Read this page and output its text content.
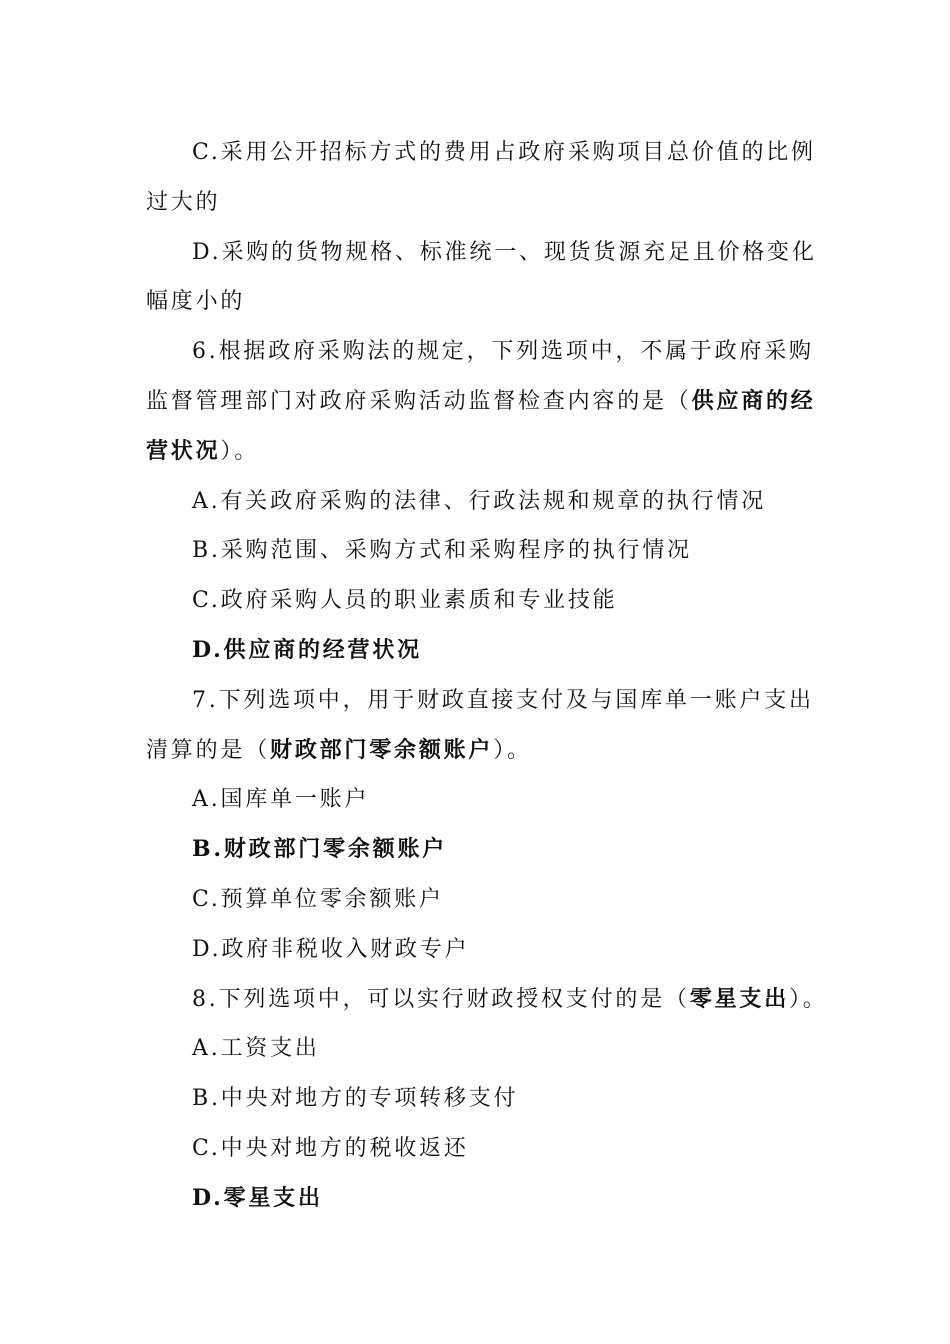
C.采用公开招标方式的费用占政府采购项目总价值的比例
过大的
D.采购的货物规格、标准统一、现货货源充足且价格变化
幅度小的
6.根据政府采购法的规定，下列选项中，不属于政府采购
监督管理部门对政府采购活动监督检查内容的是（供应商的经
营状况）。
A.有关政府采购的法律、行政法规和规章的执行情况
B.采购范围、采购方式和采购程序的执行情况
C.政府采购人员的职业素质和专业技能
D.供应商的经营状况
7.下列选项中，用于财政直接支付及与国库单一账户支出
清算的是（财政部门零余额账户）。
A.国库单一账户
B.财政部门零余额账户
C.预算单位零余额账户
D.政府非税收入财政专户
8.下列选项中，可以实行财政授权支付的是（零星支出）。
A.工资支出
B.中央对地方的专项转移支付
C.中央对地方的税收返还
D.零星支出
